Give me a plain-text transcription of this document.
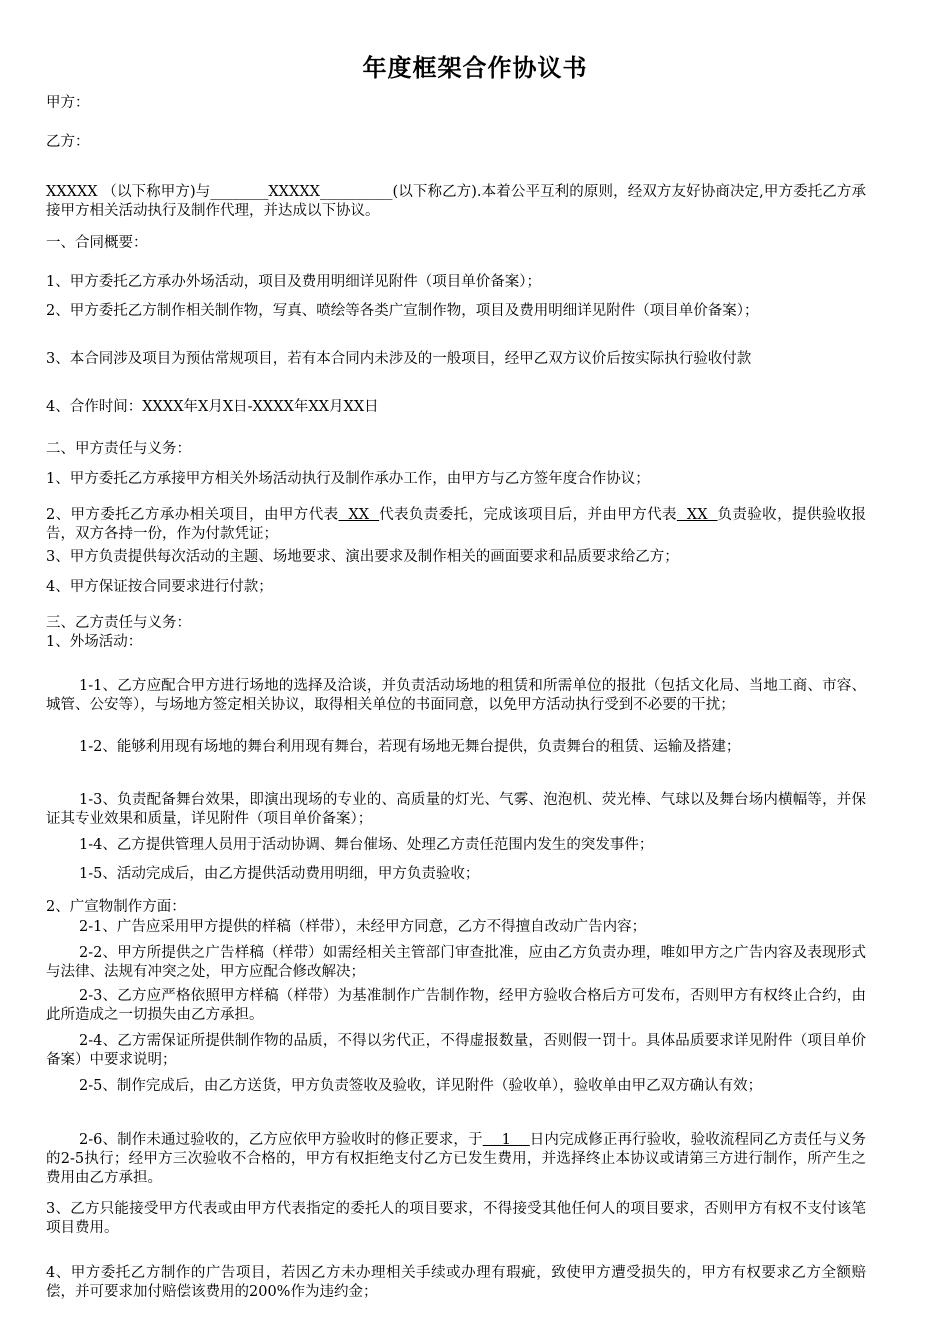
年度框架合作协议书
甲方：
乙方：
XXXXX （以下称甲方)与________XXXXX__________(以下称乙方).本着公平互利的原则，经双方友好协商决定,甲方委托乙方承接甲方相关活动执行及制作代理，并达成以下协议。
一、合同概要：
1、甲方委托乙方承办外场活动，项目及费用明细详见附件（项目单价备案）；
2、甲方委托乙方制作相关制作物，写真、喷绘等各类广宣制作物，项目及费用明细详见附件（项目单价备案）；
3、本合同涉及项目为预估常规项目，若有本合同内未涉及的一般项目，经甲乙双方议价后按实际执行验收付款
4、合作时间：XXXX年X月X日-XXXX年XX月XX日
二、甲方责任与义务：
1、甲方委托乙方承接甲方相关外场活动执行及制作承办工作，由甲方与乙方签年度合作协议；
2、甲方委托乙方承办相关项目，由甲方代表  XX  代表负责委托，完成该项目后，并由甲方代表  XX  负责验收，提供验收报告，双方各持一份，作为付款凭证；
3、甲方负责提供每次活动的主题、场地要求、演出要求及制作相关的画面要求和品质要求给乙方；
4、甲方保证按合同要求进行付款；
三、乙方责任与义务：
1、外场活动：
1-1、乙方应配合甲方进行场地的选择及洽谈，并负责活动场地的租赁和所需单位的报批（包括文化局、当地工商、市容、城管、公安等），与场地方签定相关协议，取得相关单位的书面同意，以免甲方活动执行受到不必要的干扰；
1-2、能够利用现有场地的舞台利用现有舞台，若现有场地无舞台提供，负责舞台的租赁、运输及搭建；
1-3、负责配备舞台效果，即演出现场的专业的、高质量的灯光、气雾、泡泡机、荧光棒、气球以及舞台场内横幅等，并保证其专业效果和质量，详见附件（项目单价备案）；
1-4、乙方提供管理人员用于活动协调、舞台催场、处理乙方责任范围内发生的突发事件；
1-5、活动完成后，由乙方提供活动费用明细，甲方负责验收；
2、广宣物制作方面：
2-1、广告应采用甲方提供的样稿（样带），未经甲方同意，乙方不得擅自改动广告内容；
2-2、甲方所提供之广告样稿（样带）如需经相关主管部门审查批准，应由乙方负责办理，唯如甲方之广告内容及表现形式与法律、法规有冲突之处，甲方应配合修改解决；
2-3、乙方应严格依照甲方样稿（样带）为基准制作广告制作物，经甲方验收合格后方可发布，否则甲方有权终止合约，由此所造成之一切损失由乙方承担。
2-4、乙方需保证所提供制作物的品质，不得以劣代正，不得虚报数量，否则假一罚十。具体品质要求详见附件（项目单价备案）中要求说明；
2-5、制作完成后，由乙方送货，甲方负责签收及验收，详见附件（验收单），验收单由甲乙双方确认有效；
2-6、制作未通过验收的，乙方应依甲方验收时的修正要求，于    1    日内完成修正再行验收，验收流程同乙方责任与义务的2-5执行；经甲方三次验收不合格的，甲方有权拒绝支付乙方已发生费用，并选择终止本协议或请第三方进行制作，所产生之费用由乙方承担。
3、乙方只能接受甲方代表或由甲方代表指定的委托人的项目要求，不得接受其他任何人的项目要求，否则甲方有权不支付该笔项目费用。
4、甲方委托乙方制作的广告项目，若因乙方未办理相关手续或办理有瑕疵，致使甲方遭受损失的，甲方有权要求乙方全额赔偿，并可要求加付赔偿该费用的200%作为违约金；
